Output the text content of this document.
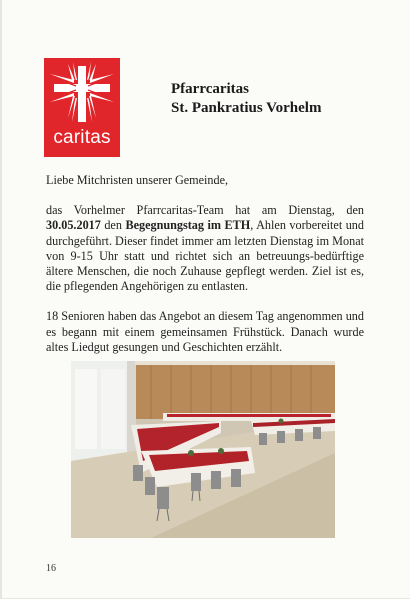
caritas
Pfarrcaritas
St. Pankratius Vorhelm

Liebe Mitchristen unserer Gemeinde,

das Vorhelmer Pfarrcaritas-Team hat am Dienstag, den 30.05.2017 den Begegnungstag im ETH, Ahlen vorbereitet und durchgeführt. Dieser findet immer am letzten Dienstag im Monat von 9-15 Uhr statt und richtet sich an betreuungs-bedürftige ältere Menschen, die noch Zuhause gepflegt werden. Ziel ist es, die pflegenden Angehörigen zu entlasten.

18 Senioren haben das Angebot an diesem Tag angenommen und es begann mit einem gemeinsamen Frühstück. Danach wurde altes Liedgut gesungen und Geschichten erzählt.

16
